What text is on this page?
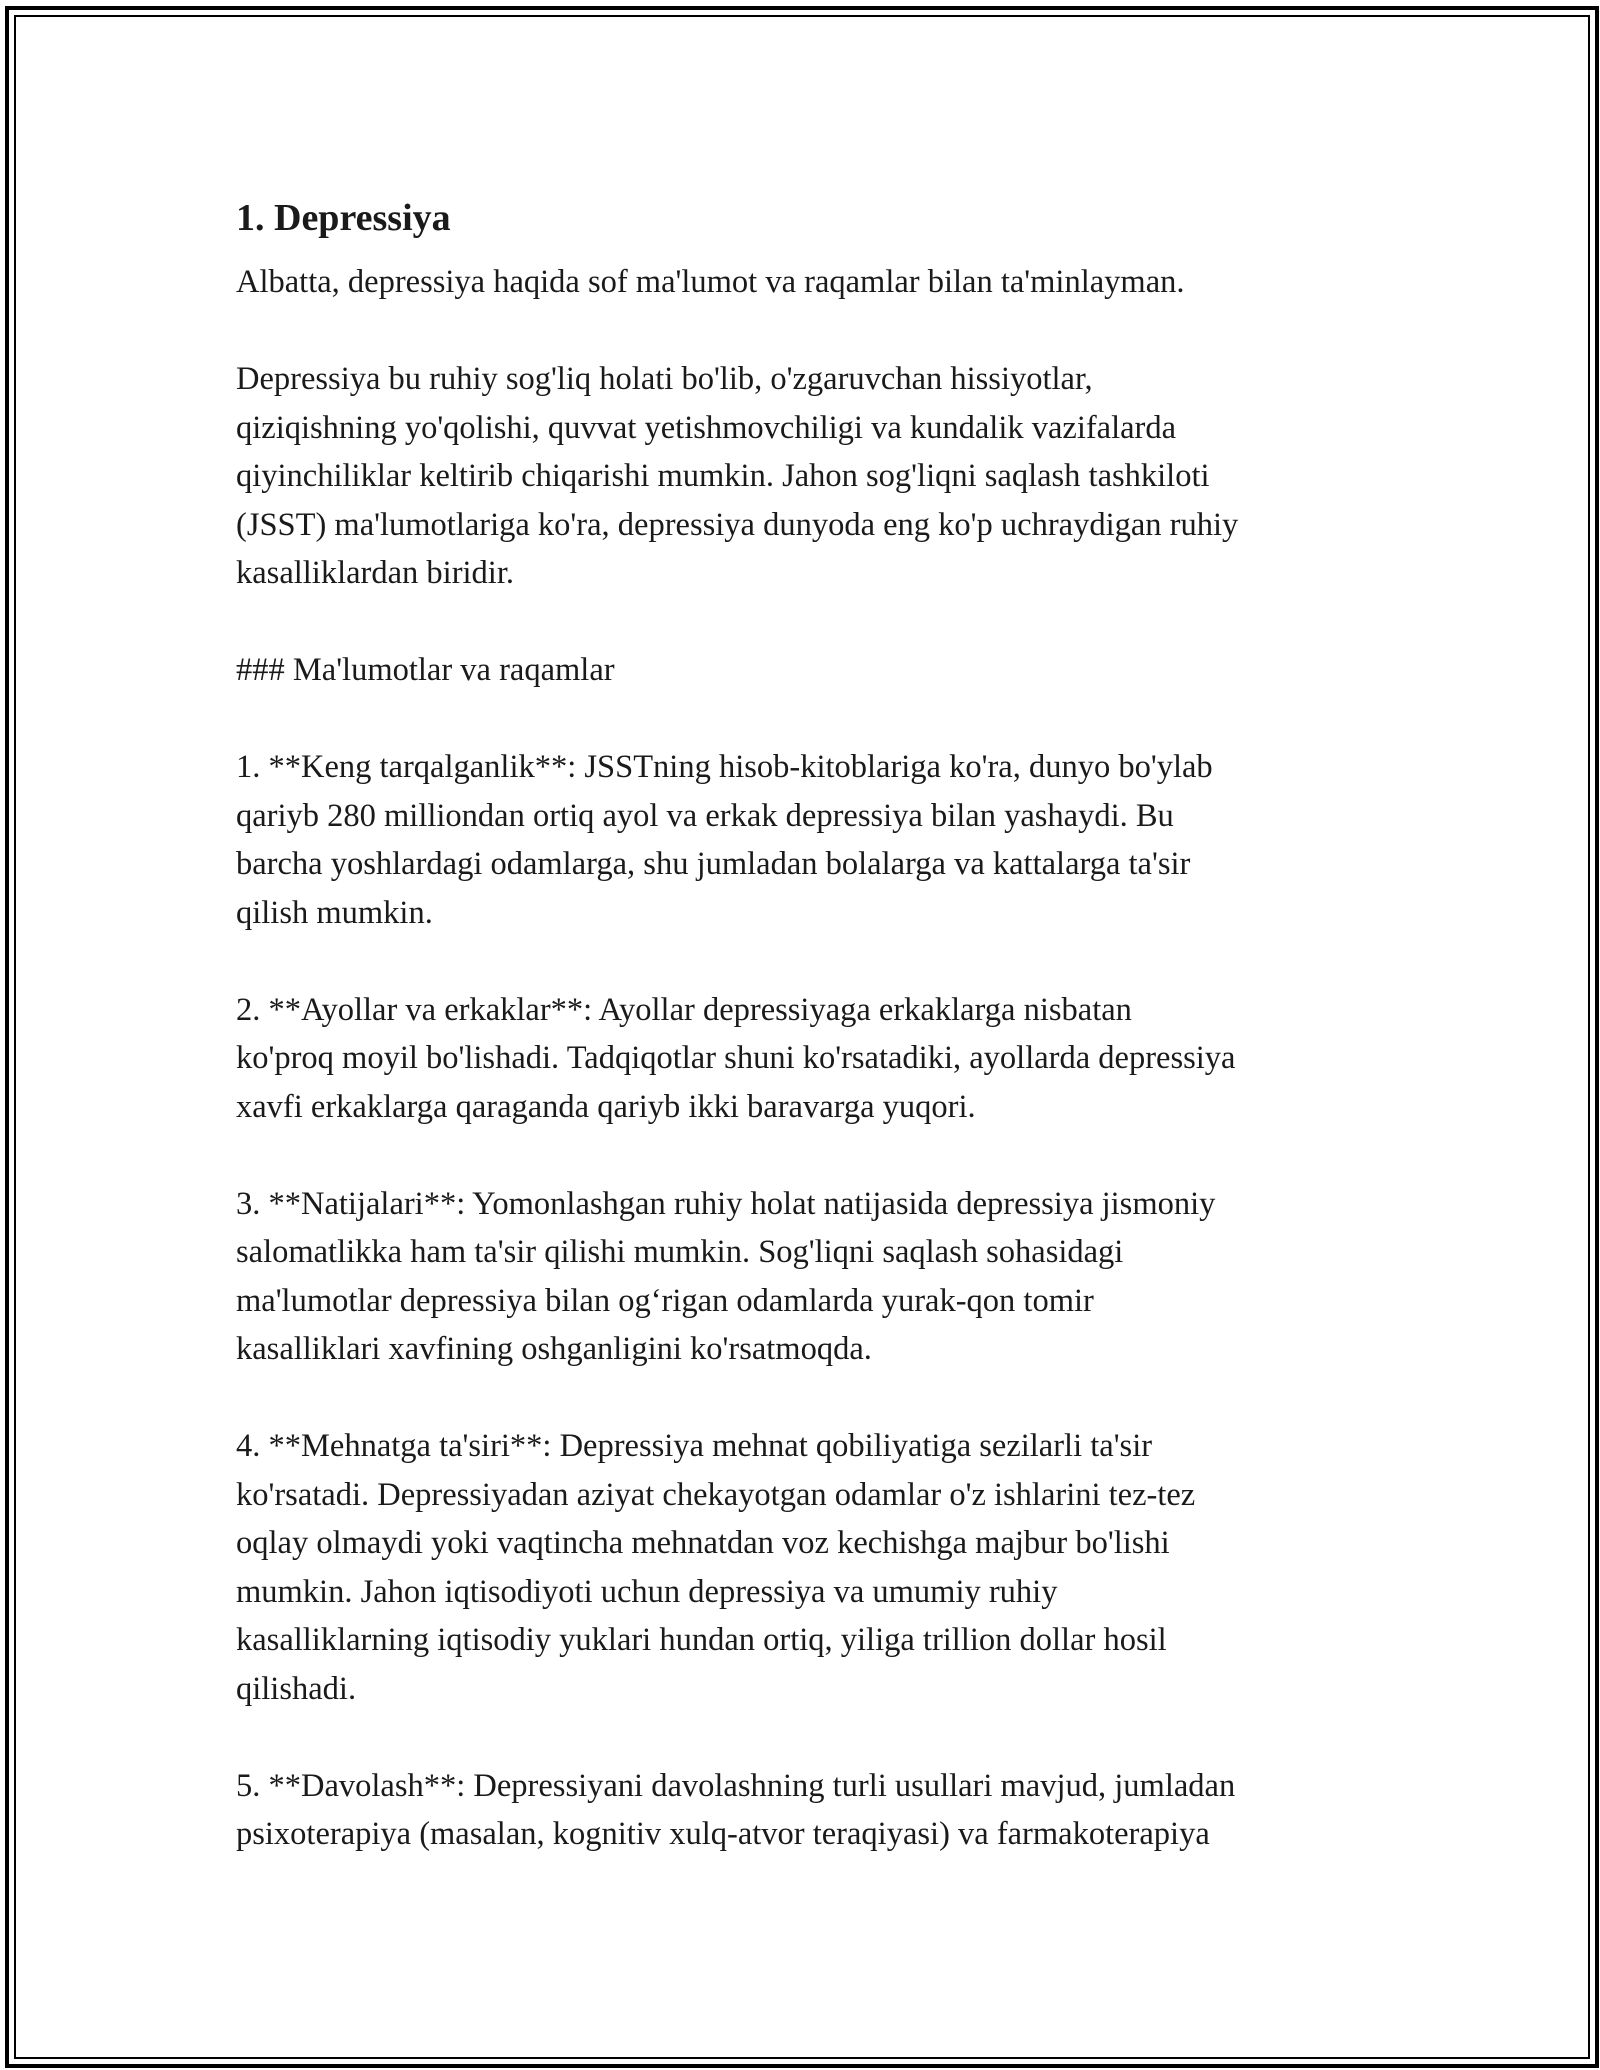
1. Depressiya

Albatta, depressiya haqida sof ma'lumot va raqamlar bilan ta'minlayman.

Depressiya bu ruhiy sog'liq holati bo'lib, o'zgaruvchan hissiyotlar,
qiziqishning yo'qolishi, quvvat yetishmovchiligi va kundalik vazifalarda
qiyinchiliklar keltirib chiqarishi mumkin. Jahon sog'liqni saqlash tashkiloti
(JSST) ma'lumotlariga ko'ra, depressiya dunyoda eng ko'p uchraydigan ruhiy
kasalliklardan biridir.

### Ma'lumotlar va raqamlar

1. **Keng tarqalganlik**: JSSTning hisob-kitoblariga ko'ra, dunyo bo'ylab
qariyb 280 milliondan ortiq ayol va erkak depressiya bilan yashaydi. Bu
barcha yoshlardagi odamlarga, shu jumladan bolalarga va kattalarga ta'sir
qilish mumkin.

2. **Ayollar va erkaklar**: Ayollar depressiyaga erkaklarga nisbatan
ko'proq moyil bo'lishadi. Tadqiqotlar shuni ko'rsatadiki, ayollarda depressiya
xavfi erkaklarga qaraganda qariyb ikki baravarga yuqori.

3. **Natijalari**: Yomonlashgan ruhiy holat natijasida depressiya jismoniy
salomatlikka ham ta'sir qilishi mumkin. Sog'liqni saqlash sohasidagi
ma'lumotlar depressiya bilan og‘rigan odamlarda yurak-qon tomir
kasalliklari xavfining oshganligini ko'rsatmoqda.

4. **Mehnatga ta'siri**: Depressiya mehnat qobiliyatiga sezilarli ta'sir
ko'rsatadi. Depressiyadan aziyat chekayotgan odamlar o'z ishlarini tez-tez
oqlay olmaydi yoki vaqtincha mehnatdan voz kechishga majbur bo'lishi
mumkin. Jahon iqtisodiyoti uchun depressiya va umumiy ruhiy
kasalliklarning iqtisodiy yuklari hundan ortiq, yiliga trillion dollar hosil
qilishadi.

5. **Davolash**: Depressiyani davolashning turli usullari mavjud, jumladan
psixoterapiya (masalan, kognitiv xulq-atvor teraqiyasi) va farmakoterapiya
